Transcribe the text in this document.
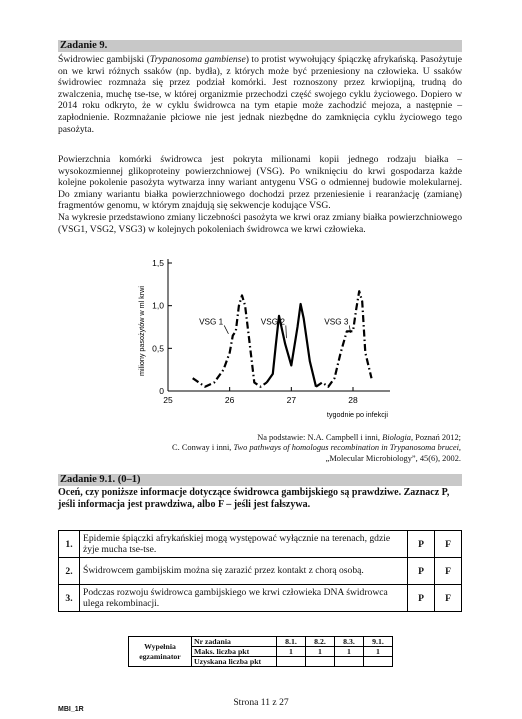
Zadanie 9.

Świdrowiec gambijski (Trypanosoma gambiense) to protist wywołujący śpiączkę afrykańską. Pasożytuje on we krwi różnych ssaków (np. bydła), z których może być przeniesiony na człowieka. U ssaków świdrowiec rozmnaża się przez podział komórki. Jest roznoszony przez krwiopijną, trudną do zwalczenia, muchę tse-tse, w której organizmie przechodzi część swojego cyklu życiowego. Dopiero w 2014 roku odkryto, że w cyklu świdrowca na tym etapie może zachodzić mejoza, a następnie – zapłodnienie. Rozmnażanie płciowe nie jest jednak niezbędne do zamknięcia cyklu życiowego tego pasożyta.

Powierzchnia komórki świdrowca jest pokryta milionami kopii jednego rodzaju białka – wysokozmiennej glikoproteiny powierzchniowej (VSG). Po wniknięciu do krwi gospodarza każde kolejne pokolenie pasożyta wytwarza inny wariant antygenu VSG o odmiennej budowie molekularnej. Do zmiany wariantu białka powierzchniowego dochodzi przez przeniesienie i rearanżację (zamianę) fragmentów genomu, w którym znajdują się sekwencje kodujące VSG.

Na wykresie przedstawiono zmiany liczebności pasożyta we krwi oraz zmiany białka powierzchniowego (VSG1, VSG2, VSG3) w kolejnych pokoleniach świdrowca we krwi człowieka.

0
0,5
1,0
1,5
25	26	27	28
miliony pasożytów w ml krwi
tygodnie po infekcji
VSG 1	VSG 2	VSG 3
Na podstawie: N.A. Campbell i inni, Biologia, Poznań 2012;
C. Conway i inni, Two pathways of homologus recombination in Trypanosoma brucei,
„Molecular Microbiology”, 45(6), 2002.
Zadanie 9.1. (0–1)
Oceń, czy poniższe informacje dotyczące świdrowca gambijskiego są prawdziwe. Zaznacz P, jeśli informacja jest prawdziwa, albo F – jeśli jest fałszywa.
1.	Epidemie śpiączki afrykańskiej mogą występować wyłącznie na terenach, gdzie żyje mucha tse-tse.	P	F
2.	Świdrowcem gambijskim można się zarazić przez kontakt z chorą osobą.	P	F
3.	Podczas rozwoju świdrowca gambijskiego we krwi człowieka DNA świdrowca ulega rekombinacji.	P	F
Wypełnia egzaminator	Nr zadania	8.1.	8.2.	8.3.	9.1.
	Maks. liczba pkt	1	1	1	1
	Uzyskana liczba pkt				
Strona 11 z 27
MBI_1R
